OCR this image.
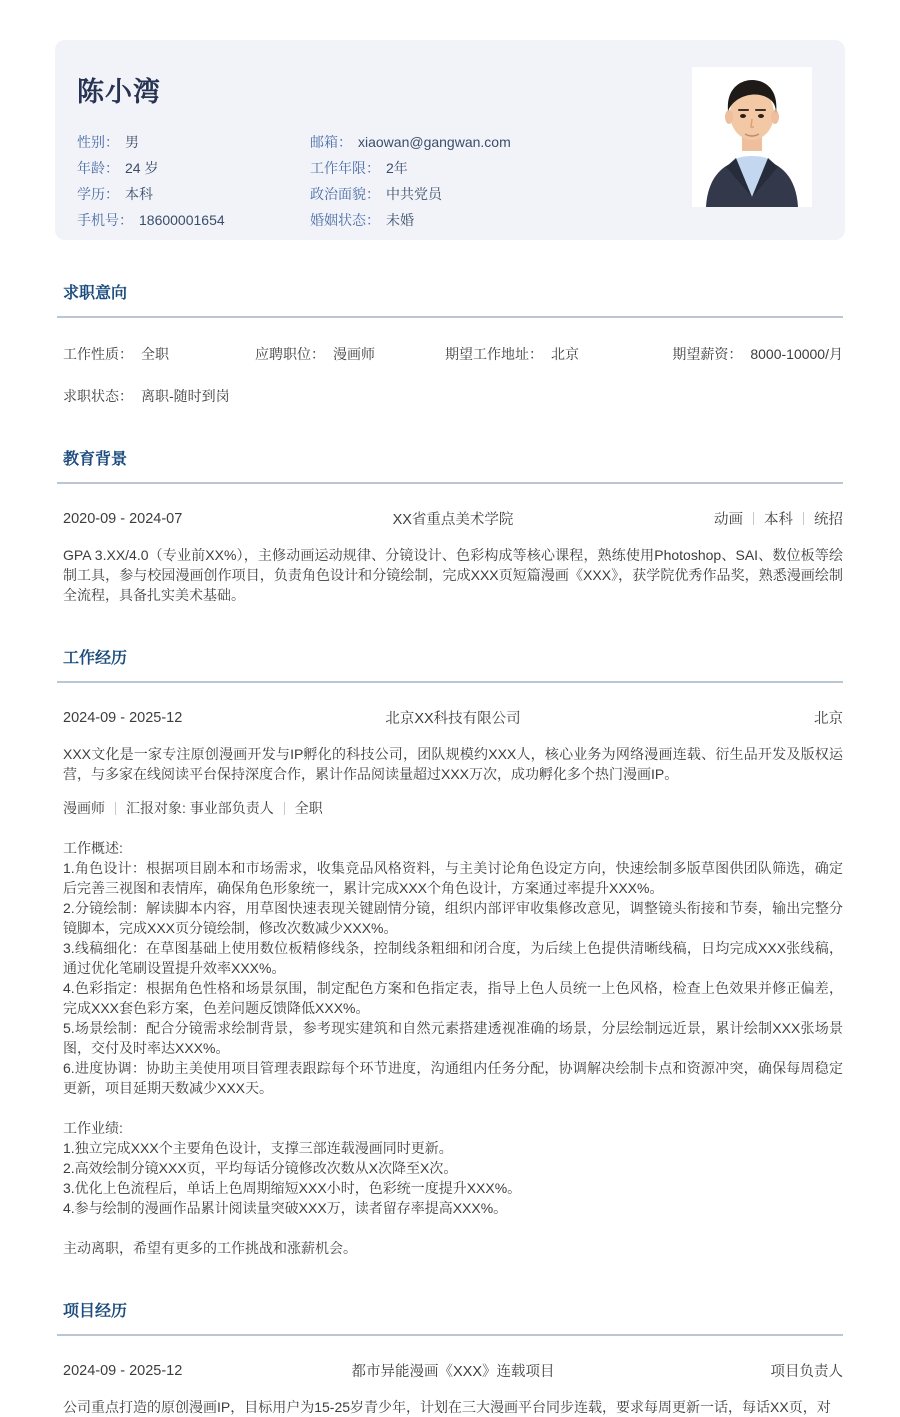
陈小湾
性别： 男
年龄： 24 岁
学历： 本科
手机号： 18600001654
邮箱： xiaowan@gangwan.com
工作年限： 2年
政治面貌： 中共党员
婚姻状态： 未婚
求职意向
工作性质： 全职	应聘职位： 漫画师	期望工作地址： 北京	期望薪资： 8000-10000/月
求职状态： 离职-随时到岗
教育背景
2020-09 - 2024-07	XX省重点美术学院	动画 本科 统招

GPA 3.XX/4.0（专业前XX%），主修动画运动规律、分镜设计、色彩构成等核心课程，熟练使用Photoshop、SAI、数位板等绘制工具，参与校园漫画创作项目，负责角色设计和分镜绘制，完成XXX页短篇漫画《XXX》，获学院优秀作品奖，熟悉漫画绘制全流程，具备扎实美术基础。

工作经历
2024-09 - 2025-12	北京XX科技有限公司	北京

XXX文化是一家专注原创漫画开发与IP孵化的科技公司，团队规模约XXX人，核心业务为网络漫画连载、衍生品开发及版权运营，与多家在线阅读平台保持深度合作，累计作品阅读量超过XXX万次，成功孵化多个热门漫画IP。

漫画师 汇报对象: 事业部负责人 全职
工作概述:
1.角色设计：根据项目剧本和市场需求，收集竞品风格资料，与主美讨论角色设定方向，快速绘制多版草图供团队筛选，确定后完善三视图和表情库，确保角色形象统一，累计完成XXX个角色设计，方案通过率提升XXX%。
2.分镜绘制：解读脚本内容，用草图快速表现关键剧情分镜，组织内部评审收集修改意见，调整镜头衔接和节奏，输出完整分镜脚本，完成XXX页分镜绘制，修改次数减少XXX%。
3.线稿细化：在草图基础上使用数位板精修线条，控制线条粗细和闭合度，为后续上色提供清晰线稿，日均完成XXX张线稿，通过优化笔刷设置提升效率XXX%。
4.色彩指定：根据角色性格和场景氛围，制定配色方案和色指定表，指导上色人员统一上色风格，检查上色效果并修正偏差，完成XXX套色彩方案，色差问题反馈降低XXX%。
5.场景绘制：配合分镜需求绘制背景，参考现实建筑和自然元素搭建透视准确的场景，分层绘制远近景，累计绘制XXX张场景图，交付及时率达XXX%。
6.进度协调：协助主美使用项目管理表跟踪每个环节进度，沟通组内任务分配，协调解决绘制卡点和资源冲突，确保每周稳定更新，项目延期天数减少XXX天。
工作业绩:
1.独立完成XXX个主要角色设计，支撑三部连载漫画同时更新。
2.高效绘制分镜XXX页，平均每话分镜修改次数从X次降至X次。
3.优化上色流程后，单话上色周期缩短XXX小时，色彩统一度提升XXX%。
4.参与绘制的漫画作品累计阅读量突破XXX万，读者留存率提高XXX%。
主动离职，希望有更多的工作挑战和涨薪机会。
项目经历
2024-09 - 2025-12	都市异能漫画《XXX》连载项目	项目负责人

公司重点打造的原创漫画IP，目标用户为15-25岁青少年，计划在三大漫画平台同步连载，要求每周更新一话，每话XX页，对
